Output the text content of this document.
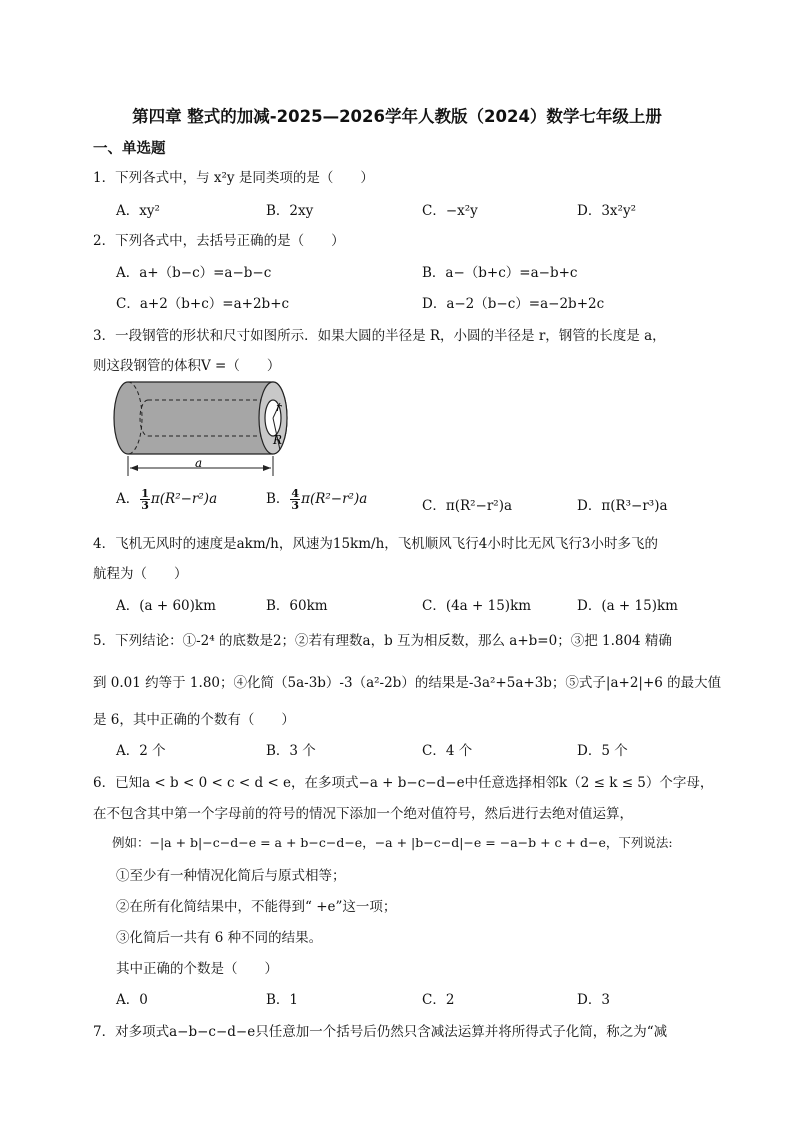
第四章 整式的加减-2025—2026学年人教版（2024）数学七年级上册
一、单选题
1．下列各式中，与 x²y 是同类项的是（　　）
A．xy²	B．2xy	C．−x²y	D．3x²y²
2．下列各式中，去括号正确的是（　　）
A．a+（b−c）=a−b−c	B．a−（b+c）=a−b+c
C．a+2（b+c）=a+2b+c	D．a−2（b−c）=a−2b+2c
3．一段钢管的形状和尺寸如图所示．如果大圆的半径是 R，小圆的半径是 r，钢管的长度是 a，
则这段钢管的体积V =（　　）
r
R
a
A． $\frac{1}{3} \pi(R^2-r^2)a$	B． $\frac{4}{3} \pi(R^2-r^2)a$	C．π(R²−r²)a	D．π(R³−r³)a
4．飞机无风时的速度是akm/h，风速为15km/h，飞机顺风飞行4小时比无风飞行3小时多飞的
航程为（　　）
A．(a + 60)km	B．60km	C．(4a + 15)km	D．(a + 15)km
5．下列结论：①-2⁴ 的底数是2；②若有理数a，b 互为相反数，那么 a+b=0；③把 1.804 精确
到 0.01 约等于 1.80；④化简（5a-3b）-3（a²-2b）的结果是-3a²+5a+3b；⑤式子|a+2|+6 的最大值
是 6，其中正确的个数有（　　）
A．2 个	B．3 个	C．4 个	D．5 个
6．已知a < b < 0 < c < d < e，在多项式−a + b−c−d−e中任意选择相邻k（2 ≤ k ≤ 5）个字母，
在不包含其中第一个字母前的符号的情况下添加一个绝对值符号，然后进行去绝对值运算，
例如：−|a + b|−c−d−e = a + b−c−d−e，−a + |b−c−d|−e = −a−b + c + d−e，下列说法:
①至少有一种情况化简后与原式相等；
②在所有化简结果中，不能得到“ +e”这一项；
③化简后一共有 6 种不同的结果。
其中正确的个数是（　　）
A．0	B．1	C．2	D．3
7．对多项式a−b−c−d−e只任意加一个括号后仍然只含减法运算并将所得式子化简，称之为“减
